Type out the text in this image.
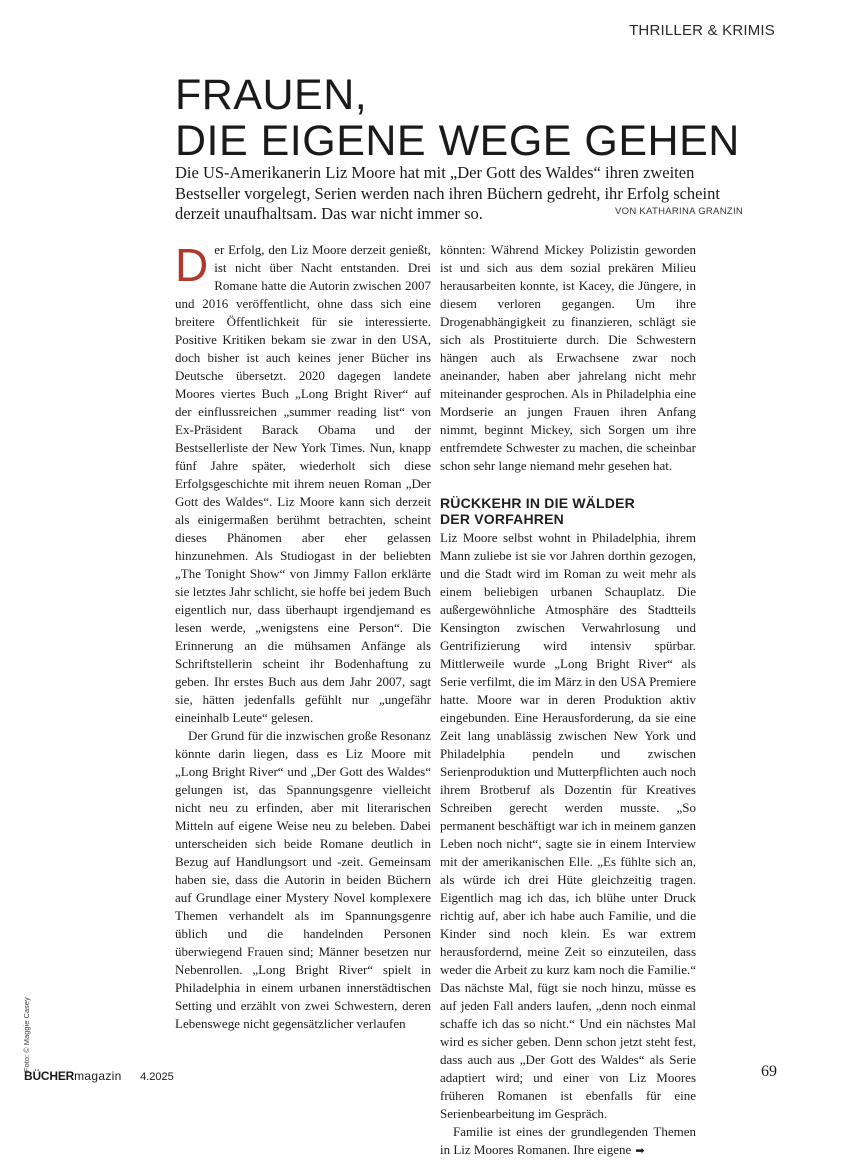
THRILLER & KRIMIS
FRAUEN,
DIE EIGENE WEGE GEHEN

Die US-Amerikanerin Liz Moore hat mit „Der Gott des Waldes“ ihren zweiten Bestseller vorgelegt, Serien werden nach ihren Büchern gedreht, ihr Erfolg scheint derzeit unaufhaltsam. Das war nicht immer so.	VON KATHARINA GRANZIN

Der Erfolg, den Liz Moore derzeit genießt, ist nicht über Nacht entstanden. Drei Romane hatte die Autorin zwischen 2007 und 2016 veröffentlicht, ohne dass sich eine breitere Öffentlichkeit für sie interessierte. Positive Kritiken bekam sie zwar in den USA, doch bisher ist auch keines jener Bücher ins Deutsche übersetzt. 2020 dagegen landete Moores viertes Buch „Long Bright River“ auf der einflussreichen „summer reading list“ von Ex-Präsident Barack Obama und der Bestsellerliste der New York Times. Nun, knapp fünf Jahre später, wiederholt sich diese Erfolgsgeschichte mit ihrem neuen Roman „Der Gott des Waldes“. Liz Moore kann sich derzeit als einigermaßen berühmt betrachten, scheint dieses Phänomen aber eher gelassen hinzunehmen. Als Studiogast in der beliebten „The Tonight Show“ von Jimmy Fallon erklärte sie letztes Jahr schlicht, sie hoffe bei jedem Buch eigentlich nur, dass überhaupt irgendjemand es lesen werde, „wenigstens eine Person“. Die Erinnerung an die mühsamen Anfänge als Schriftstellerin scheint ihr Bodenhaftung zu geben. Ihr erstes Buch aus dem Jahr 2007, sagt sie, hätten jedenfalls gefühlt nur „ungefähr eineinhalb Leute“ gelesen.

Der Grund für die inzwischen große Resonanz könnte darin liegen, dass es Liz Moore mit „Long Bright River“ und „Der Gott des Waldes“ gelungen ist, das Spannungsgenre vielleicht nicht neu zu erfinden, aber mit literarischen Mitteln auf eigene Weise neu zu beleben. Dabei unterscheiden sich beide Romane deutlich in Bezug auf Handlungsort und -zeit. Gemeinsam haben sie, dass die Autorin in beiden Büchern auf Grundlage einer Mystery Novel komplexere Themen verhandelt als im Spannungsgenre üblich und die handelnden Personen überwiegend Frauen sind; Männer besetzen nur Nebenrollen. „Long Bright River“ spielt in Philadelphia in einem urbanen innerstädtischen Setting und erzählt von zwei Schwestern, deren Lebenswege nicht gegensätzlicher verlaufen

könnten: Während Mickey Polizistin geworden ist und sich aus dem sozial prekären Milieu herausarbeiten konnte, ist Kacey, die Jüngere, in diesem verloren gegangen. Um ihre Drogenabhängigkeit zu finanzieren, schlägt sie sich als Prostituierte durch. Die Schwestern hängen auch als Erwachsene zwar noch aneinander, haben aber jahrelang nicht mehr miteinander gesprochen. Als in Philadelphia eine Mordserie an jungen Frauen ihren Anfang nimmt, beginnt Mickey, sich Sorgen um ihre entfremdete Schwester zu machen, die scheinbar schon sehr lange niemand mehr gesehen hat.

RÜCKKEHR IN DIE WÄLDER
DER VORFAHREN

Liz Moore selbst wohnt in Philadelphia, ihrem Mann zuliebe ist sie vor Jahren dorthin gezogen, und die Stadt wird im Roman zu weit mehr als einem beliebigen urbanen Schauplatz. Die außergewöhnliche Atmosphäre des Stadtteils Kensington zwischen Verwahrlosung und Gentrifizierung wird intensiv spürbar. Mittlerweile wurde „Long Bright River“ als Serie verfilmt, die im März in den USA Premiere hatte. Moore war in deren Produktion aktiv eingebunden. Eine Herausforderung, da sie eine Zeit lang unablässig zwischen New York und Philadelphia pendeln und zwischen Serienproduktion und Mutterpflichten auch noch ihrem Brotberuf als Dozentin für Kreatives Schreiben gerecht werden musste. „So permanent beschäftigt war ich in meinem ganzen Leben noch nicht“, sagte sie in einem Interview mit der amerikanischen Elle. „Es fühlte sich an, als würde ich drei Hüte gleichzeitig tragen. Eigentlich mag ich das, ich blühe unter Druck richtig auf, aber ich habe auch Familie, und die Kinder sind noch klein. Es war extrem herausfordernd, meine Zeit so einzuteilen, dass weder die Arbeit zu kurz kam noch die Familie.“ Das nächste Mal, fügt sie noch hinzu, müsse es auf jeden Fall anders laufen, „denn noch einmal schaffe ich das so nicht.“ Und ein nächstes Mal wird es sicher geben. Denn schon jetzt steht fest, dass auch aus „Der Gott des Waldes“ als Serie adaptiert wird; und einer von Liz Moores früheren Romanen ist ebenfalls für eine Serienbearbeitung im Gespräch.

Familie ist eines der grundlegenden Themen in Liz Moores Romanen. Ihre eigene ➡

Foto: © Maggie Casey
BÜCHERmagazin 4.2025	69
